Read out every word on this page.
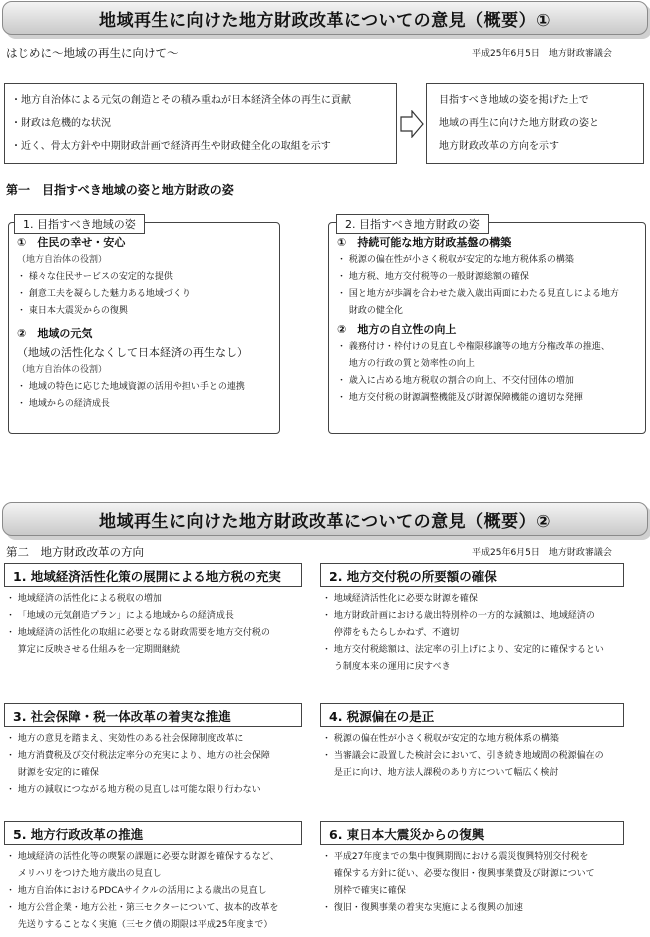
地域再生に向けた地方財政改革についての意見（概要）①
はじめに～地域の再生に向けて～	平成25年6月5日　地方財政審議会
・地方自治体による元気の創造とその積み重ねが日本経済全体の再生に貢献
・財政は危機的な状況
・近く、骨太方針や中期財政計画で経済再生や財政健全化の取組を示す
目指すべき地域の姿を掲げた上で
地域の再生に向けた地方財政の姿と
地方財政改革の方向を示す
第一　目指すべき地域の姿と地方財政の姿
①　住民の幸せ・安心
（地方自治体の役割）
・ 様々な住民サービスの安定的な提供
・ 創意工夫を凝らした魅力ある地域づくり
・ 東日本大震災からの復興
②　地域の元気
（地域の活性化なくして日本経済の再生なし）
（地方自治体の役割）
・ 地域の特色に応じた地域資源の活用や担い手との連携
・ 地域からの経済成長
1. 目指すべき地域の姿
①　持続可能な地方財政基盤の構築
・ 税源の偏在性が小さく税収が安定的な地方税体系の構築
・ 地方税、地方交付税等の一般財源総額の確保
・ 国と地方が歩調を合わせた歳入歳出両面にわたる見直しによる地方
　 財政の健全化
②　地方の自立性の向上
・ 義務付け・枠付けの見直しや権限移譲等の地方分権改革の推進、
　 地方の行政の質と効率性の向上
・ 歳入に占める地方税収の割合の向上、不交付団体の増加
・ 地方交付税の財源調整機能及び財源保障機能の適切な発揮
2. 目指すべき地方財政の姿
地域再生に向けた地方財政改革についての意見（概要）②
第二　地方財政改革の方向	平成25年6月5日　地方財政審議会
1. 地域経済活性化策の展開による地方税の充実
・ 地域経済の活性化による税収の増加
・ 「地域の元気創造プラン」による地域からの経済成長
・ 地域経済の活性化の取組に必要となる財政需要を地方交付税の
　 算定に反映させる仕組みを一定期間継続
2. 地方交付税の所要額の確保
・ 地域経済活性化に必要な財源を確保
・ 地方財政計画における歳出特別枠の一方的な減額は、地域経済の
　 停滞をもたらしかねず、不適切
・ 地方交付税総額は、法定率の引上げにより、安定的に確保するとい
　 う制度本来の運用に戻すべき
3. 社会保障・税一体改革の着実な推進
・ 地方の意見を踏まえ、実効性のある社会保障制度改革に
・ 地方消費税及び交付税法定率分の充実により、地方の社会保障
　 財源を安定的に確保
・ 地方の減収につながる地方税の見直しは可能な限り行わない
4. 税源偏在の是正
・ 税源の偏在性が小さく税収が安定的な地方税体系の構築
・ 当審議会に設置した検討会において、引き続き地域間の税源偏在の
　 是正に向け、地方法人課税のあり方について幅広く検討
5. 地方行政改革の推進
・ 地域経済の活性化等の喫緊の課題に必要な財源を確保するなど、
　 メリハリをつけた地方歳出の見直し
・ 地方自治体におけるPDCAサイクルの活用による歳出の見直し
・ 地方公営企業・地方公社・第三セクターについて、抜本的改革を
　 先送りすることなく実施（三セク債の期限は平成25年度まで）
6. 東日本大震災からの復興
・ 平成27年度までの集中復興期間における震災復興特別交付税を
　 確保する方針に従い、必要な復旧・復興事業費及び財源について
　 別枠で確実に確保
・ 復旧・復興事業の着実な実施による復興の加速
